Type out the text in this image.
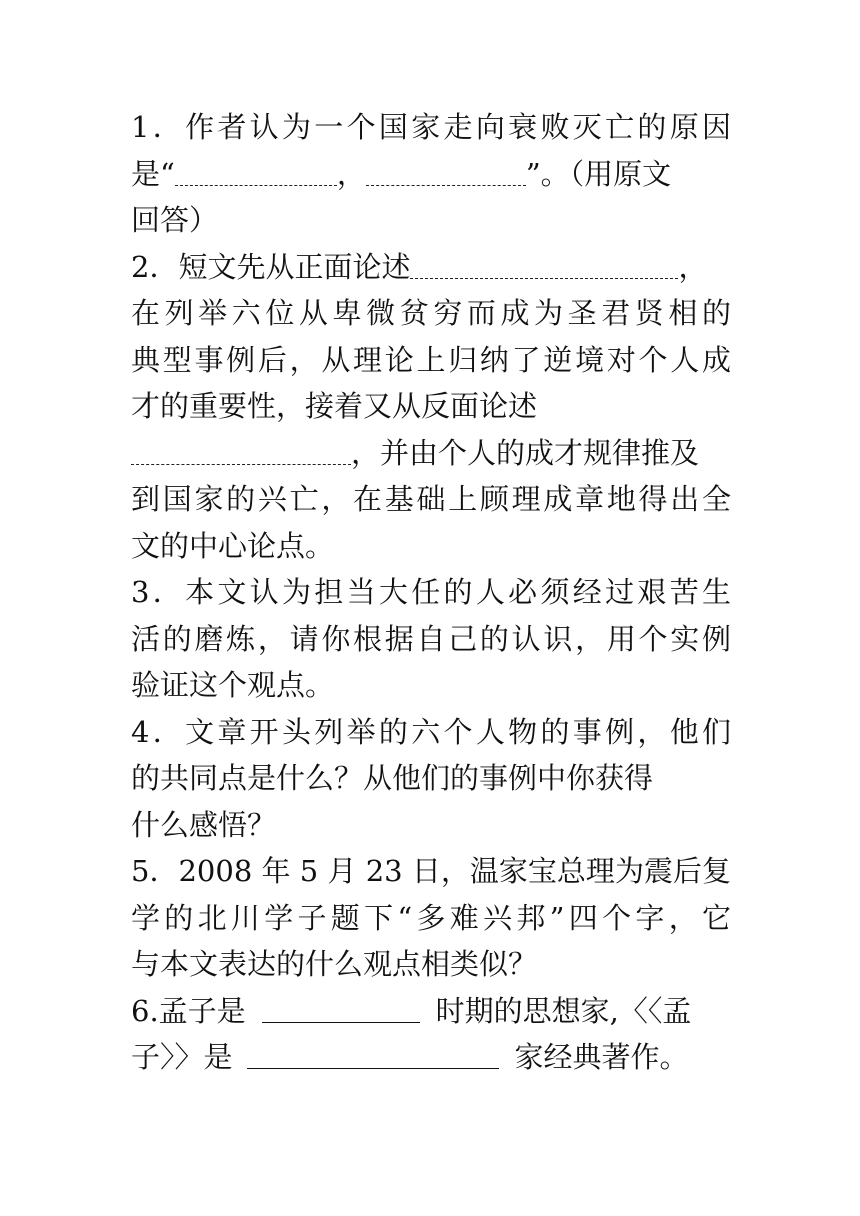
1．作者认为一个国家走向衰败灭亡的原因
是“	，	”。（用原文
回答）
2．短文先从正面论述	，
在列举六位从卑微贫穷而成为圣君贤相的
典型事例后，从理论上归纳了逆境对个人成
才的重要性，接着又从反面论述
，并由个人的成才规律推及
到国家的兴亡，在基础上顾理成章地得出全
文的中心论点。
3．本文认为担当大任的人必须经过艰苦生
活的磨炼，请你根据自己的认识，用个实例
验证这个观点。
4．文章开头列举的六个人物的事例，他们
的共同点是什么？从他们的事例中你获得
什么感悟？
5．2008 年 5 月 23 日，温家宝总理为震后复
学的北川学子题下“多难兴邦”四个字，它
与本文表达的什么观点相类似？
6.孟子是	时期的思想家,〈〈孟
子〉〉是	家经典著作。
